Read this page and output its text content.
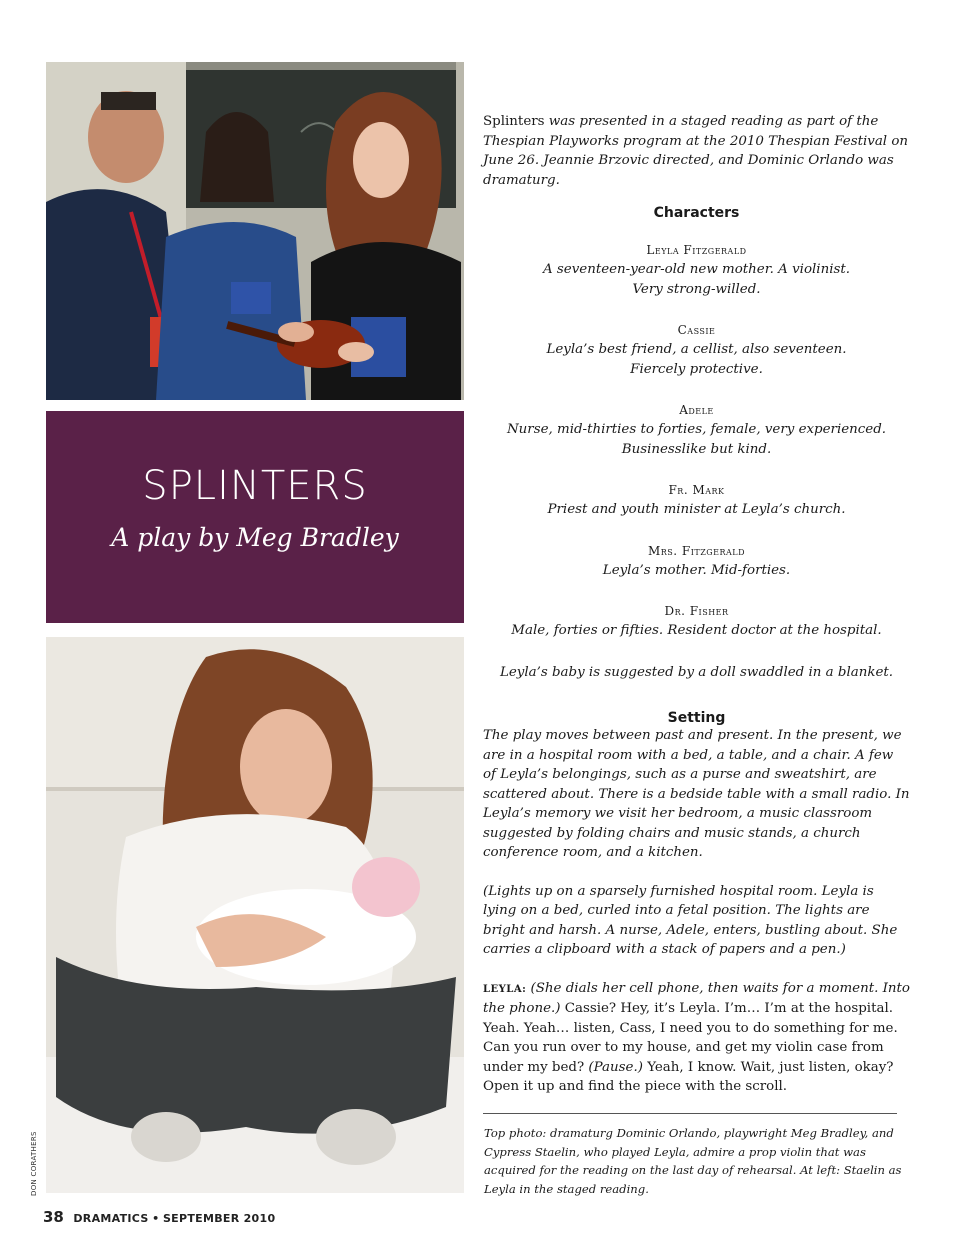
SPLINTERS
A play by Meg Bradley
DON CORATHERS
Splinters was presented in a staged reading as part of the Thespian Playworks program at the 2010 Thespian Festival on June 26. Jeannie Brzovic directed, and Dominic Orlando was dramaturg.
Characters
Leyla Fitzgerald
A seventeen-year-old new mother. A violinist.
Very strong-willed.
Cassie
Leyla’s best friend, a cellist, also seventeen.
Fiercely protective.
Adele
Nurse, mid-thirties to forties, female, very experienced.
Businesslike but kind.
Fr. Mark
Priest and youth minister at Leyla’s church.
Mrs. Fitzgerald
Leyla’s mother. Mid-forties.
Dr. Fisher
Male, forties or fifties. Resident doctor at the hospital.
Leyla’s baby is suggested by a doll swaddled in a blanket.
Setting

The play moves between past and present. In the present, we are in a hospital room with a bed, a table, and a chair. A few of Leyla’s belongings, such as a purse and sweatshirt, are scattered about. There is a bedside table with a small radio. In Leyla’s memory we visit her bedroom, a music classroom suggested by folding chairs and music stands, a church conference room, and a kitchen.

(Lights up on a sparsely furnished hospital room. Leyla is lying on a bed, curled into a fetal position. The lights are bright and harsh. A nurse, Adele, enters, bustling about. She carries a clipboard with a stack of papers and a pen.)

LEYLA: (She dials her cell phone, then waits for a moment. Into the phone.) Cassie? Hey, it’s Leyla. I’m… I’m at the hospital. Yeah. Yeah… listen, Cass, I need you to do something for me. Can you run over to my house, and get my violin case from under my bed? (Pause.) Yeah, I know. Wait, just listen, okay? Open it up and find the piece with the scroll.

Top photo: dramaturg Dominic Orlando, playwright Meg Bradley, and Cypress Staelin, who played Leyla, admire a prop violin that was acquired for the reading on the last day of rehearsal. At left: Staelin as Leyla in the staged reading.
38 DRAMATICS • SEPTEMBER 2010
